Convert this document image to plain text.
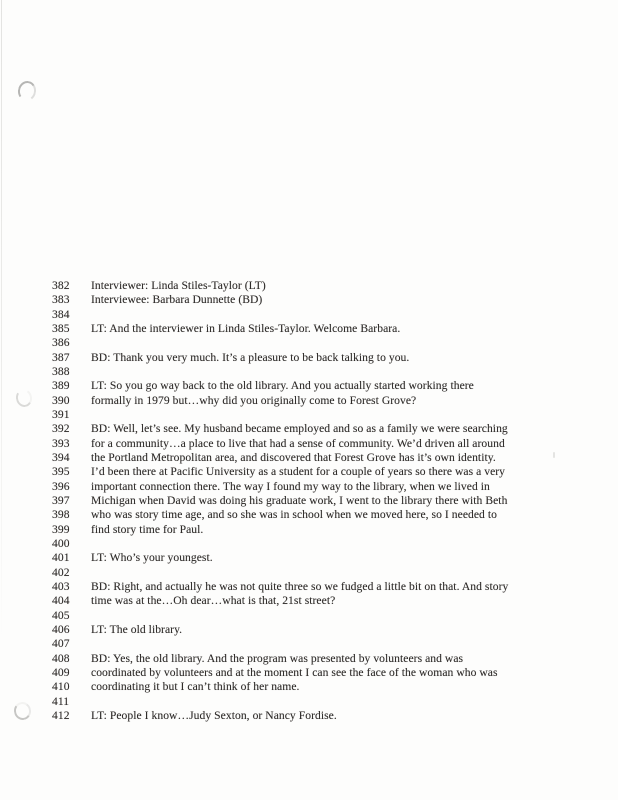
382	Interviewer: Linda Stiles-Taylor (LT)
383	Interviewee: Barbara Dunnette (BD)
384
385	LT: And the interviewer in Linda Stiles-Taylor. Welcome Barbara.
386
387	BD: Thank you very much. It’s a pleasure to be back talking to you.
388
389	LT: So you go way back to the old library. And you actually started working there
390	formally in 1979 but…why did you originally come to Forest Grove?
391
392	BD: Well, let’s see. My husband became employed and so as a family we were searching
393	for a community…a place to live that had a sense of community. We’d driven all around
394	the Portland Metropolitan area, and discovered that Forest Grove has it’s own identity.
395	I’d been there at Pacific University as a student for a couple of years so there was a very
396	important connection there. The way I found my way to the library, when we lived in
397	Michigan when David was doing his graduate work, I went to the library there with Beth
398	who was story time age, and so she was in school when we moved here, so I needed to
399	find story time for Paul.
400
401	LT: Who’s your youngest.
402
403	BD: Right, and actually he was not quite three so we fudged a little bit on that. And story
404	time was at the…Oh dear…what is that, 21st street?
405
406	LT: The old library.
407
408	BD: Yes, the old library. And the program was presented by volunteers and was
409	coordinated by volunteers and at the moment I can see the face of the woman who was
410	coordinating it but I can’t think of her name.
411
412	LT: People I know…Judy Sexton, or Nancy Fordise.
